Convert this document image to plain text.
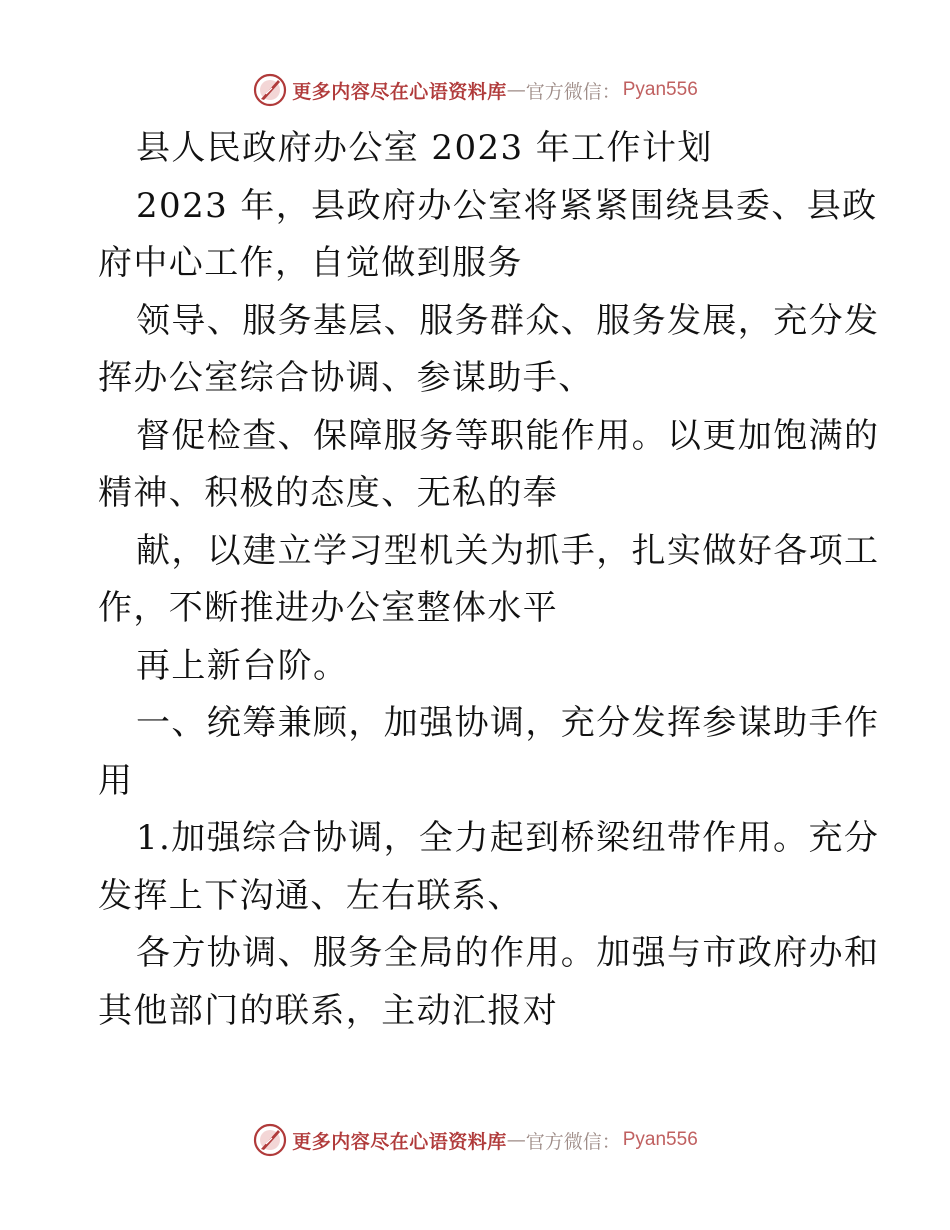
更多内容尽在心语资料库 — 官方微信： Pyan556
县人民政府办公室 2023 年工作计划
2023 年，县政府办公室将紧紧围绕县委、县政
府中心工作，自觉做到服务
领导、服务基层、服务群众、服务发展，充分发
挥办公室综合协调、参谋助手、
督促检查、保障服务等职能作用。以更加饱满的
精神、积极的态度、无私的奉
献，以建立学习型机关为抓手，扎实做好各项工
作，不断推进办公室整体水平
再上新台阶。
一、统筹兼顾，加强协调，充分发挥参谋助手作
用
1.加强综合协调，全力起到桥梁纽带作用。充分
发挥上下沟通、左右联系、
各方协调、服务全局的作用。加强与市政府办和
其他部门的联系，主动汇报对
更多内容尽在心语资料库 — 官方微信： Pyan556
